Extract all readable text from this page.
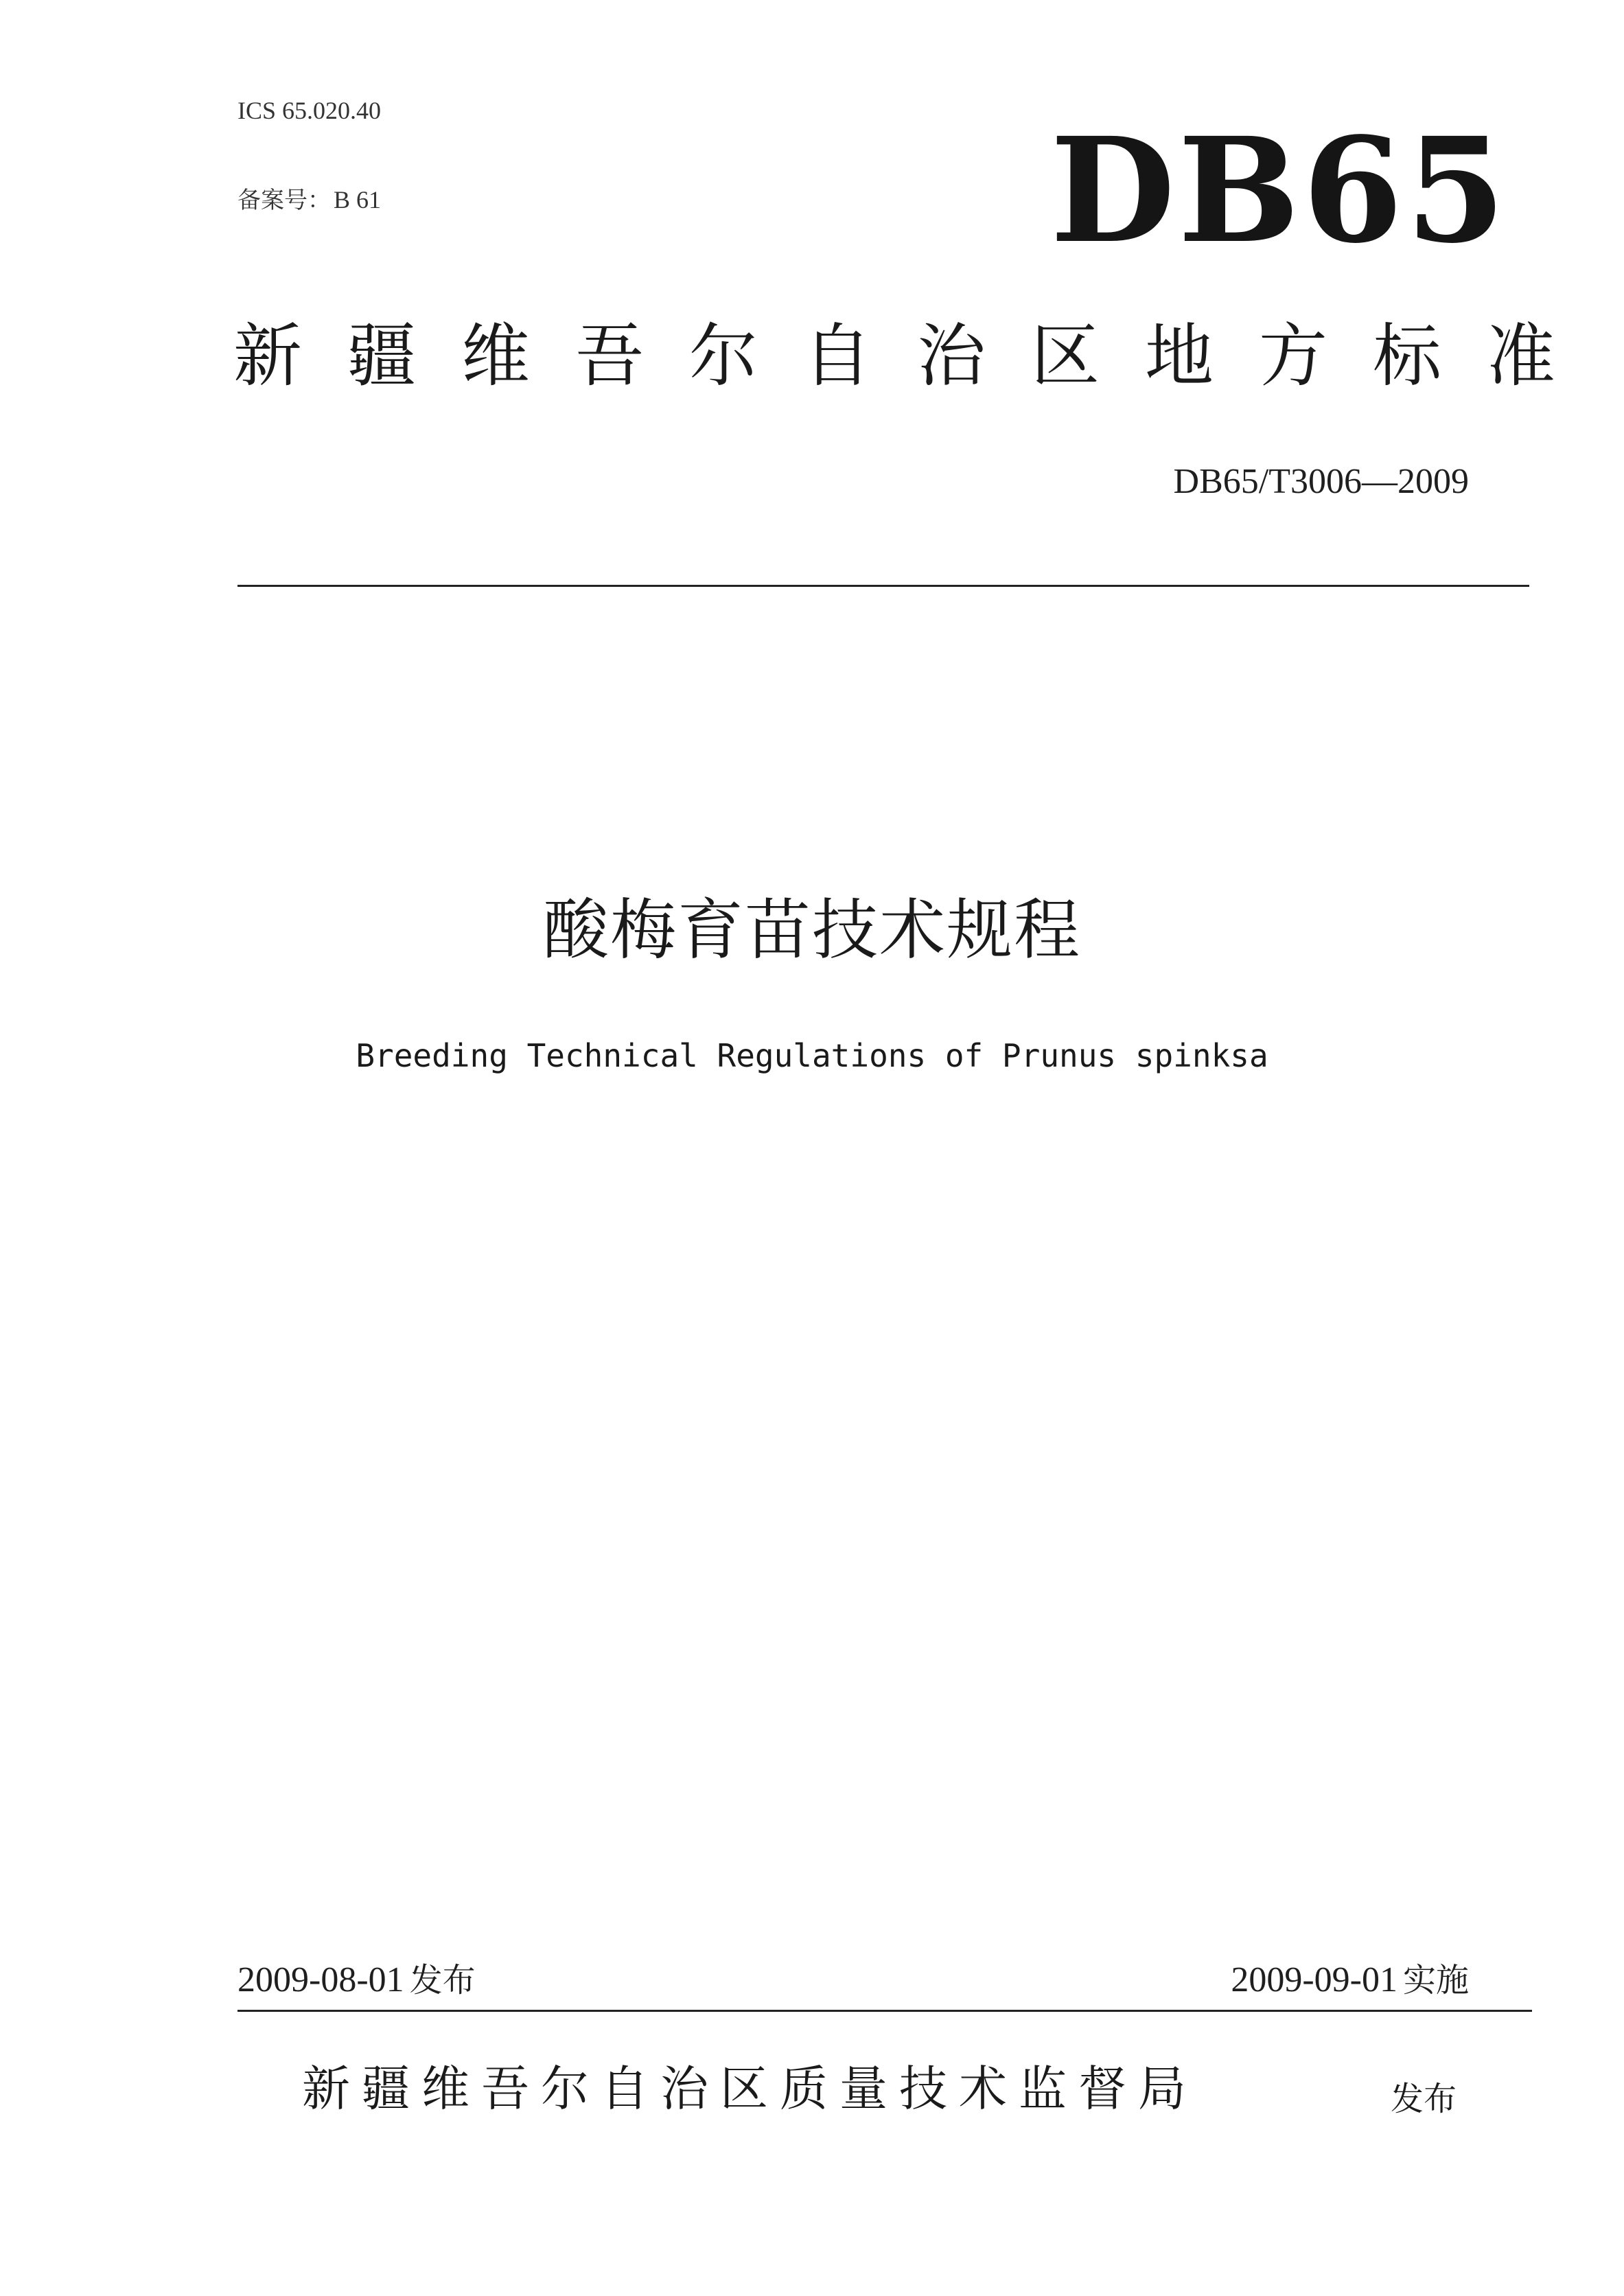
ICS 65.020.40
备案号： B 61	DB65
新疆维吾尔自治区地方标准
DB65/T3006—2009
酸梅育苗技术规程
Breeding Technical Regulations of Prunus spinksa
2009-08-01 发布	2009-09-01 实施
新疆维吾尔自治区质量技术监督局	发布
